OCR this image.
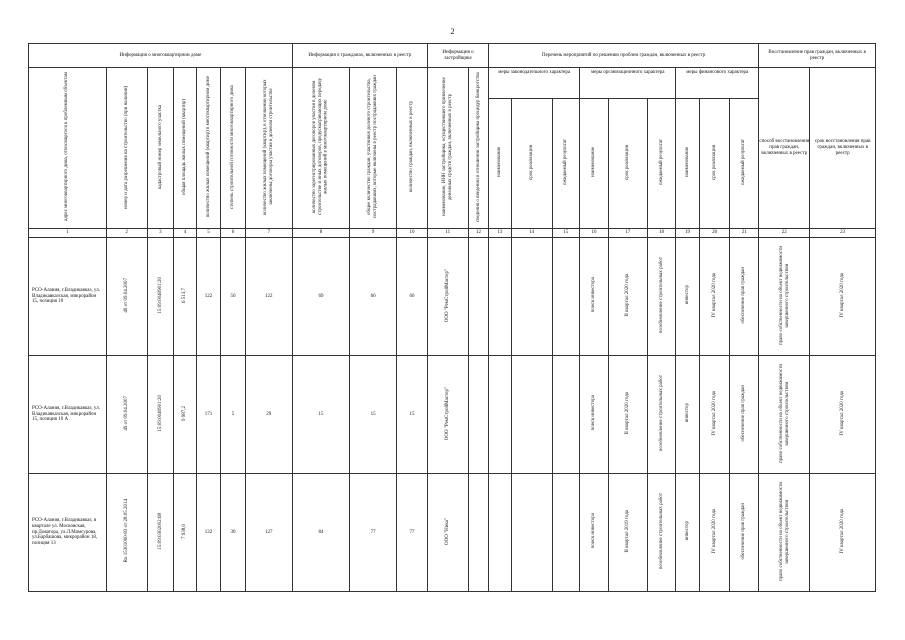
2
Информация о многоквартирном доме							Информация о гражданах, включенных в реестр			Информация о застройщике		Перечень мероприятий по решению проблем граждан, включенных в реестр									Восстановление прав граждан, включенных в реестр	
адрес многоквартирного дома, относящегося к проблемным объектам	номер и дата разрешения на строительство (при наличии)	кадастровый номер земельного участка	общая площадь жилых помещений (квартир)	количество жилых помещений (квартир) в многоквартирном доме	степень строительной готовности многоквартирного дома	количество жилых помещений (квартир), в отношении которых заключены договоры участия в долевом строительстве	количество зарегистрированных договоров участия в долевом строительстве и иных договоров, предусматривающих передачу жилых помещений в многоквартирном доме	общее количество граждан, участников долевого строительства, пострадавших, которые включены в реестр пострадавших граждан	количество граждан, включенных в реестр	наименование, ИНН застройщика, осуществившего привлечение денежных средств граждан, включенных в реестр	сведения о введении в отношении застройщика процедур банкротства	меры законодательного характера			меры организационного характера			меры финансового характера			способ восстановления прав граждан, включенных в реестр	срок восстановления прав граждан, включенных в реестр
												наименование	срок реализации	ожидаемый результат	наименование	срок реализации	ожидаемый результат	наименование	срок реализации	ожидаемый результат		
1	2	3	4	5	6	7	8	9	10	11	12	13	14	15	16	17	18	19	20	21	22	23
РСО-Алания, г.Владикавказ, ул. Владикавказская, микрорайон 15, позиция 10	49 от 09.04.2007	15:09:0040901:20	6 513,7	122	50	122	69	66	66	ООО "РемСтройМастер"					поиск инвестора	II квартал 2020 года	возобновление строительных работ	инвестор	IV квартал 2020 года	обеспечение прав граждан	право собственности на объект недвижимости завершенного строительством	IV квартал 2020 года
РСО-Алания, г.Владикавказ, ул. Владикавказская, микрорайон 15, позиция 10 А	49 от 09.04.2007	15:09:0040901:20	9 987,2	171	5	29	15	15	15	ООО "РемСтройМастер"					поиск инвестора	II квартал 2020 года	возобновление строительных работ	инвестор	IV квартал 2020 года	обеспечение прав граждан	право собственности на объект недвижимости завершенного строительством	IV квартал 2020 года
РСО-Алания, г.Владикавказ, в квартале ул. Московская, пр.Доватора, ул.Л.Мамсурова, ул.Барбашова, микрорайон 18, позиция 13	Ru 15301000-83 от 28.05.2014	15:09:0302002:68	7 938,0	132	30	127	84	77	77	ООО "Ника"					поиск инвестора	II квартал 2019 года	возобновление строительных работ	инвестор	IV квартал 2020 года	обеспечение прав граждан	право собственности на объект недвижимости завершенного строительством	IV квартал 2020 года
